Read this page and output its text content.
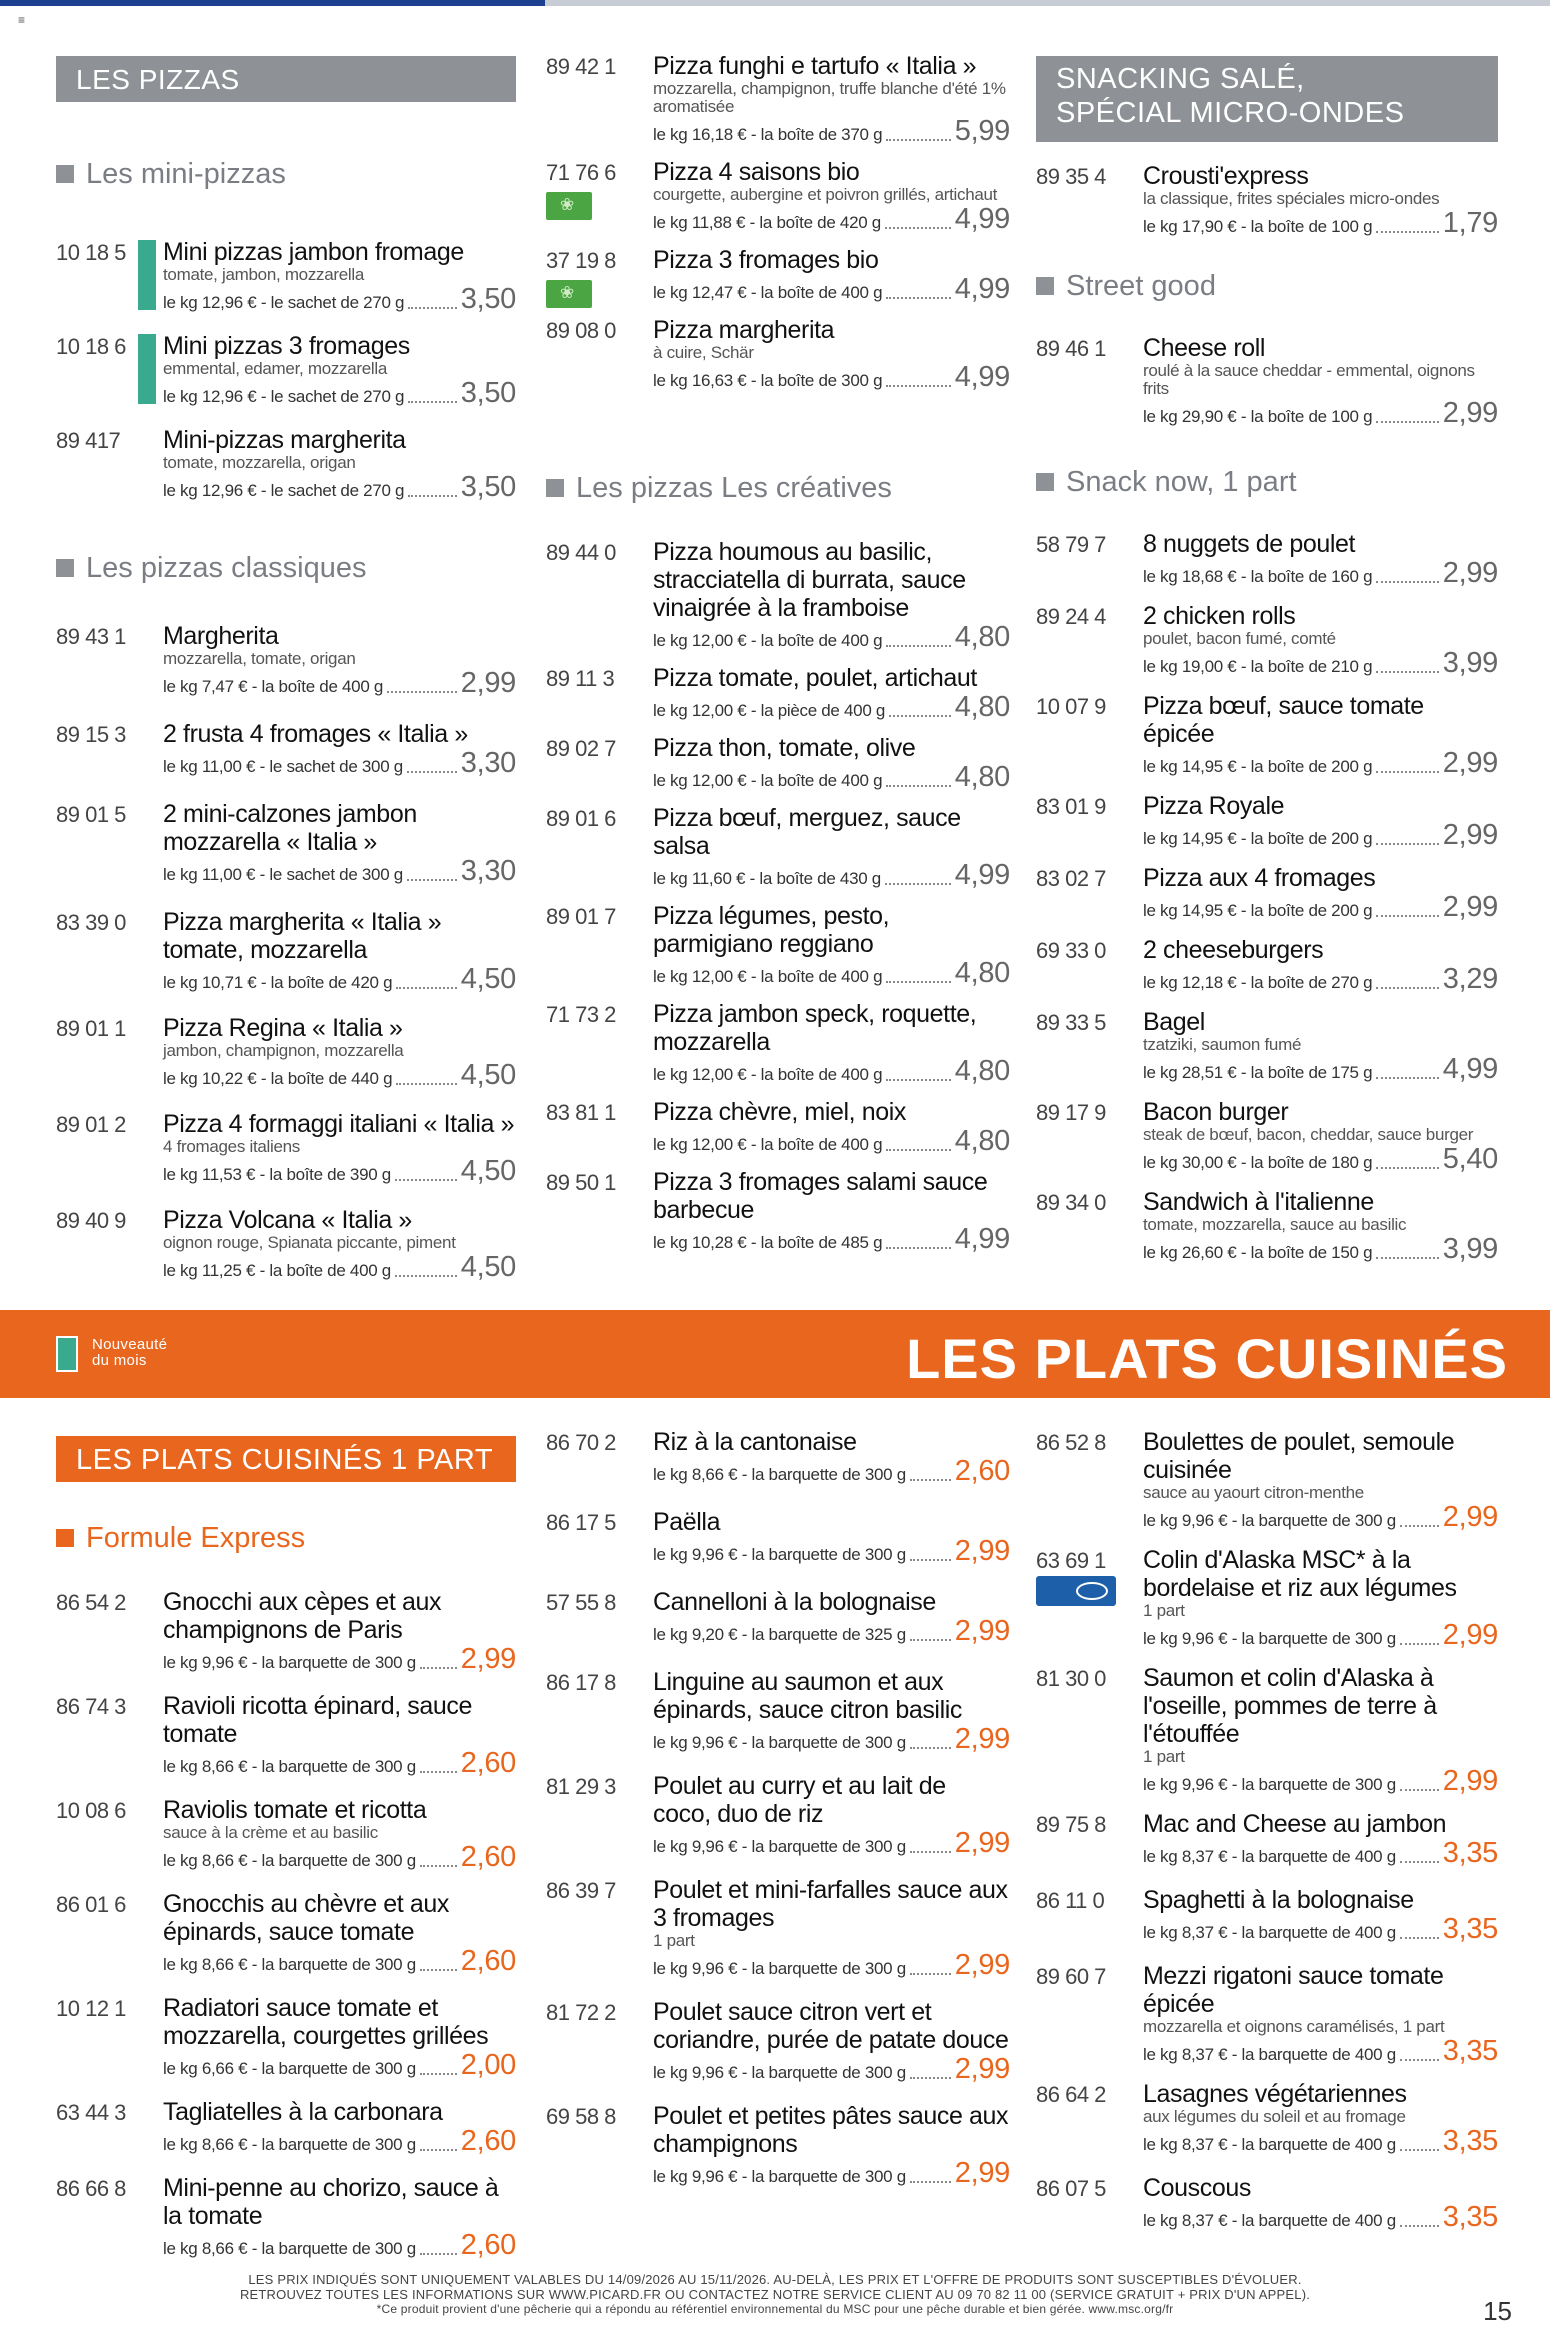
≡
LES PIZZAS
Les mini-pizzas
10 18 5	Mini pizzas jambon fromage
tomate, jambon, mozzarella
le kg 12,96 € - le sachet de 270 g 3,50
10 18 6	Mini pizzas 3 fromages
emmental, edamer, mozzarella
le kg 12,96 € - le sachet de 270 g 3,50
89 417	Mini-pizzas margherita
tomate, mozzarella, origan
le kg 12,96 € - le sachet de 270 g 3,50
Les pizzas classiques
89 43 1	Margherita
mozzarella, tomate, origan
le kg 7,47 € - la boîte de 400 g	2,99
89 15 3	2 frusta 4 fromages « Italia »
le kg 11,00 € - le sachet de 300 g 3,30
89 01 5	2 mini-calzones jambon mozzarella « Italia »
le kg 11,00 € - le sachet de 300 g 3,30
83 39 0	Pizza margherita « Italia » tomate, mozzarella
le kg 10,71 € - la boîte de 420 g 4,50
89 01 1	Pizza Regina « Italia »
jambon, champignon, mozzarella
le kg 10,22 € - la boîte de 440 g 4,50
89 01 2	Pizza 4 formaggi italiani « Italia »
4 fromages italiens
le kg 11,53 € - la boîte de 390 g 4,50
89 40 9	Pizza Volcana « Italia »
oignon rouge, Spianata piccante, piment
le kg 11,25 € - la boîte de 400 g 4,50
89 42 1	Pizza funghi e tartufo « Italia »
mozzarella, champignon, truffe blanche d'été 1% aromatisée
le kg 16,18 € - la boîte de 370 g	5,99
71 76 6	Pizza 4 saisons bio
courgette, aubergine et poivron grillés, artichaut
le kg 11,88 € - la boîte de 420 g	4,99
❀
37 19 8	Pizza 3 fromages bio
le kg 12,47 € - la boîte de 400 g	4,99
❀
89 08 0	Pizza margherita
à cuire, Schär
le kg 16,63 € - la boîte de 300 g	4,99
Les pizzas Les créatives
89 44 0	Pizza houmous au basilic, stracciatella di burrata, sauce vinaigrée à la framboise
le kg 12,00 € - la boîte de 400 g	4,80
89 11 3	Pizza tomate, poulet, artichaut
le kg 12,00 € - la pièce de 400 g 4,80
89 02 7	Pizza thon, tomate, olive
le kg 12,00 € - la boîte de 400 g	4,80
89 01 6	Pizza bœuf, merguez, sauce salsa
le kg 11,60 € - la boîte de 430 g	4,99
89 01 7	Pizza légumes, pesto, parmigiano reggiano
le kg 12,00 € - la boîte de 400 g	4,80
71 73 2	Pizza jambon speck, roquette, mozzarella
le kg 12,00 € - la boîte de 400 g	4,80
83 81 1	Pizza chèvre, miel, noix
le kg 12,00 € - la boîte de 400 g	4,80
89 50 1	Pizza 3 fromages salami sauce barbecue
le kg 10,28 € - la boîte de 485 g	4,99
SNACKING SALÉ,
SPÉCIAL MICRO-ONDES
89 35 4	Crousti'express
la classique, frites spéciales micro-ondes
le kg 17,90 € - la boîte de 100 g 1,79
Street good
89 46 1	Cheese roll
roulé à la sauce cheddar - emmental, oignons frits
le kg 29,90 € - la boîte de 100 g 2,99
Snack now, 1 part
58 79 7	8 nuggets de poulet
le kg 18,68 € - la boîte de 160 g 2,99
89 24 4	2 chicken rolls
poulet, bacon fumé, comté
le kg 19,00 € - la boîte de 210 g 3,99
10 07 9	Pizza bœuf, sauce tomate épicée
le kg 14,95 € - la boîte de 200 g 2,99
83 01 9	Pizza Royale
le kg 14,95 € - la boîte de 200 g 2,99
83 02 7	Pizza aux 4 fromages
le kg 14,95 € - la boîte de 200 g 2,99
69 33 0	2 cheeseburgers
le kg 12,18 € - la boîte de 270 g 3,29
89 33 5	Bagel
tzatziki, saumon fumé
le kg 28,51 € - la boîte de 175 g 4,99
89 17 9	Bacon burger
steak de bœuf, bacon, cheddar, sauce burger
le kg 30,00 € - la boîte de 180 g 5,40
89 34 0	Sandwich à l'italienne
tomate, mozzarella, sauce au basilic
le kg 26,60 € - la boîte de 150 g 3,99
Nouveauté
du mois	LES PLATS CUISINÉS
LES PLATS CUISINÉS 1 PART
Formule Express
86 54 2	Gnocchi aux cèpes et aux champignons de Paris
le kg 9,96 € - la barquette de 300 g 2,99
86 74 3	Ravioli ricotta épinard, sauce tomate
le kg 8,66 € - la barquette de 300 g 2,60
10 08 6	Raviolis tomate et ricotta
sauce à la crème et au basilic
le kg 8,66 € - la barquette de 300 g 2,60
86 01 6	Gnocchis au chèvre et aux épinards, sauce tomate
le kg 8,66 € - la barquette de 300 g 2,60
10 12 1	Radiatori sauce tomate et mozzarella, courgettes grillées
le kg 6,66 € - la barquette de 300 g 2,00
63 44 3	Tagliatelles à la carbonara
le kg 8,66 € - la barquette de 300 g 2,60
86 66 8	Mini-penne au chorizo, sauce à la tomate
le kg 8,66 € - la barquette de 300 g 2,60
86 70 2	Riz à la cantonaise
le kg 8,66 € - la barquette de 300 g 2,60
86 17 5	Paëlla
le kg 9,96 € - la barquette de 300 g 2,99
57 55 8	Cannelloni à la bolognaise
le kg 9,20 € - la barquette de 325 g 2,99
86 17 8	Linguine au saumon et aux épinards, sauce citron basilic
le kg 9,96 € - la barquette de 300 g 2,99
81 29 3	Poulet au curry et au lait de coco, duo de riz
le kg 9,96 € - la barquette de 300 g 2,99
86 39 7	Poulet et mini-farfalles sauce aux 3 fromages
1 part
le kg 9,96 € - la barquette de 300 g 2,99
81 72 2	Poulet sauce citron vert et coriandre, purée de patate douce
le kg 9,96 € - la barquette de 300 g 2,99
69 58 8	Poulet et petites pâtes sauce aux champignons
le kg 9,96 € - la barquette de 300 g 2,99
86 52 8	Boulettes de poulet, semoule cuisinée
sauce au yaourt citron-menthe
le kg 9,96 € - la barquette de 300 g 2,99
63 69 1	Colin d'Alaska MSC* à la bordelaise et riz aux légumes
1 part
le kg 9,96 € - la barquette de 300 g 2,99
81 30 0	Saumon et colin d'Alaska à l'oseille, pommes de terre à l'étouffée
1 part
le kg 9,96 € - la barquette de 300 g 2,99
89 75 8	Mac and Cheese au jambon
le kg 8,37 € - la barquette de 400 g 3,35
86 11 0	Spaghetti à la bolognaise
le kg 8,37 € - la barquette de 400 g 3,35
89 60 7	Mezzi rigatoni sauce tomate épicée
mozzarella et oignons caramélisés, 1 part
le kg 8,37 € - la barquette de 400 g 3,35
86 64 2	Lasagnes végétariennes
aux légumes du soleil et au fromage
le kg 8,37 € - la barquette de 400 g 3,35
86 07 5	Couscous
le kg 8,37 € - la barquette de 400 g 3,35
LES PRIX INDIQUÉS SONT UNIQUEMENT VALABLES DU 14/09/2026 AU 15/11/2026. AU-DELÀ, LES PRIX ET L'OFFRE DE PRODUITS SONT SUSCEPTIBLES D'ÉVOLUER.
RETROUVEZ TOUTES LES INFORMATIONS SUR WWW.PICARD.FR OU CONTACTEZ NOTRE SERVICE CLIENT AU 09 70 82 11 00 (SERVICE GRATUIT + PRIX D'UN APPEL).
*Ce produit provient d'une pêcherie qui a répondu au référentiel environnemental du MSC pour une pêche durable et bien gérée. www.msc.org/fr	15
